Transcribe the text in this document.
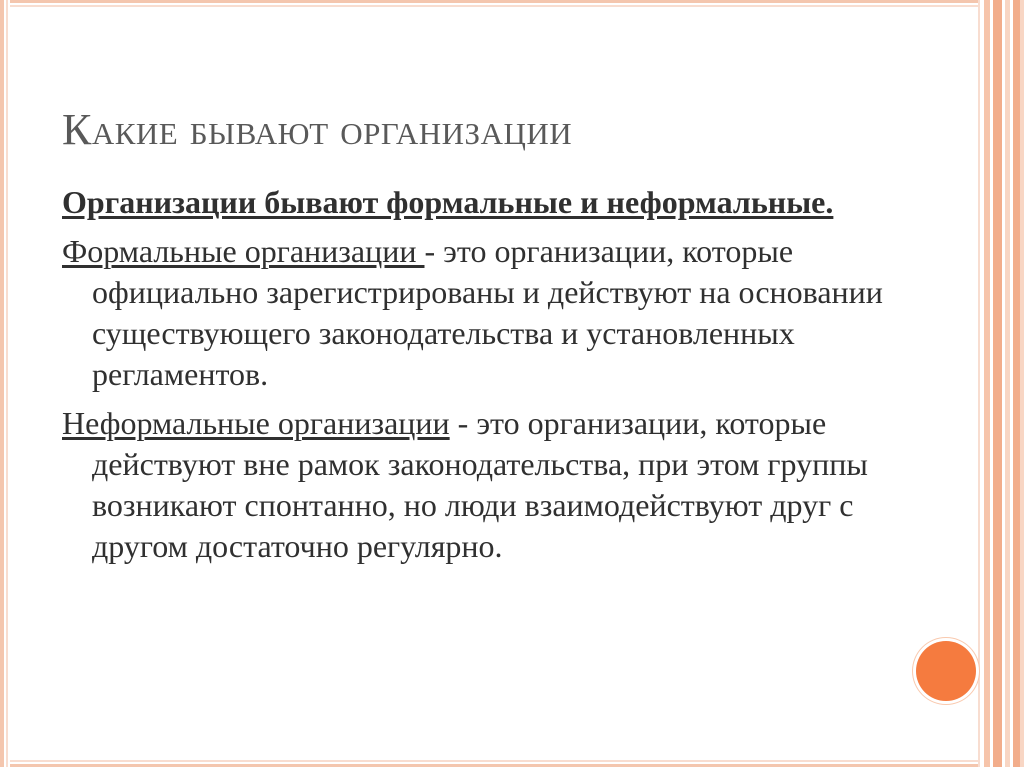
Какие бывают организации

Организации бывают формальные и неформальные.

Формальные организации - это организации, которые официально зарегистрированы и действуют на основании существующего законодательства и установленных регламентов.

Неформальные организации - это организации, которые действуют вне рамок законодательства, при этом группы возникают спонтанно, но люди взаимодействуют друг с другом достаточно регулярно.
